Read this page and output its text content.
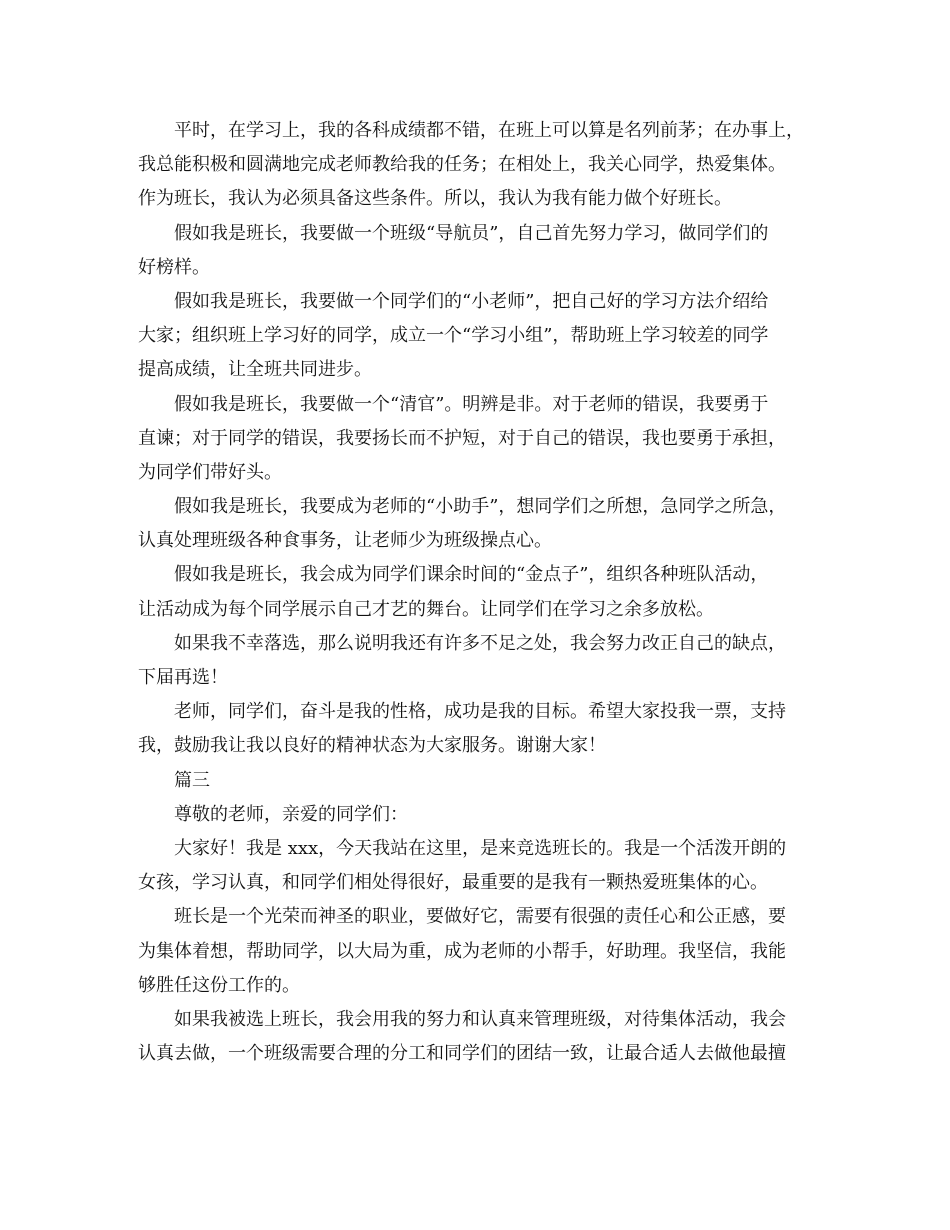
平时，在学习上，我的各科成绩都不错，在班上可以算是名列前茅；在办事上，
我总能积极和圆满地完成老师教给我的任务；在相处上，我关心同学，热爱集体。
作为班长，我认为必须具备这些条件。所以，我认为我有能力做个好班长。
假如我是班长，我要做一个班级“导航员”，自己首先努力学习，做同学们的
好榜样。
假如我是班长，我要做一个同学们的“小老师”，把自己好的学习方法介绍给
大家；组织班上学习好的同学，成立一个“学习小组”，帮助班上学习较差的同学
提高成绩，让全班共同进步。
假如我是班长，我要做一个“清官”。明辨是非。对于老师的错误，我要勇于
直谏；对于同学的错误，我要扬长而不护短，对于自己的错误，我也要勇于承担，
为同学们带好头。
假如我是班长，我要成为老师的“小助手”，想同学们之所想，急同学之所急，
认真处理班级各种食事务，让老师少为班级操点心。
假如我是班长，我会成为同学们课余时间的“金点子”，组织各种班队活动，
让活动成为每个同学展示自己才艺的舞台。让同学们在学习之余多放松。
如果我不幸落选，那么说明我还有许多不足之处，我会努力改正自己的缺点，
下届再选！
老师，同学们，奋斗是我的性格，成功是我的目标。希望大家投我一票，支持
我，鼓励我让我以良好的精神状态为大家服务。谢谢大家！
篇三
尊敬的老师，亲爱的同学们：
大家好！我是 xxx，今天我站在这里，是来竞选班长的。我是一个活泼开朗的
女孩，学习认真，和同学们相处得很好，最重要的是我有一颗热爱班集体的心。
班长是一个光荣而神圣的职业，要做好它，需要有很强的责任心和公正感，要
为集体着想，帮助同学，以大局为重，成为老师的小帮手，好助理。我坚信，我能
够胜任这份工作的。
如果我被选上班长，我会用我的努力和认真来管理班级，对待集体活动，我会
认真去做，一个班级需要合理的分工和同学们的团结一致，让最合适人去做他最擅
